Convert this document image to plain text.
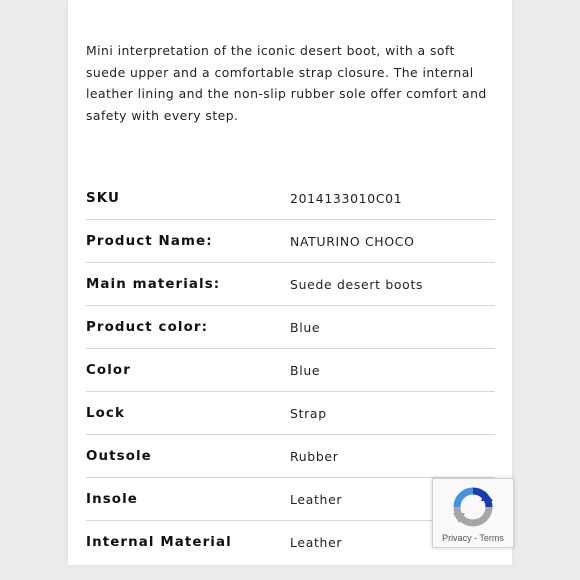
Mini interpretation of the iconic desert boot, with a soft suede upper and a comfortable strap closure. The internal leather lining and the non-slip rubber sole offer comfort and safety with every step.

SKU	2014133010C01
Product Name:	NATURINO CHOCO
Main materials:	Suede desert boots
Product color:	Blue
Color	Blue
Lock	Strap
Outsole	Rubber
Insole	Leather
Internal Material	Leather	Privacy - Terms
